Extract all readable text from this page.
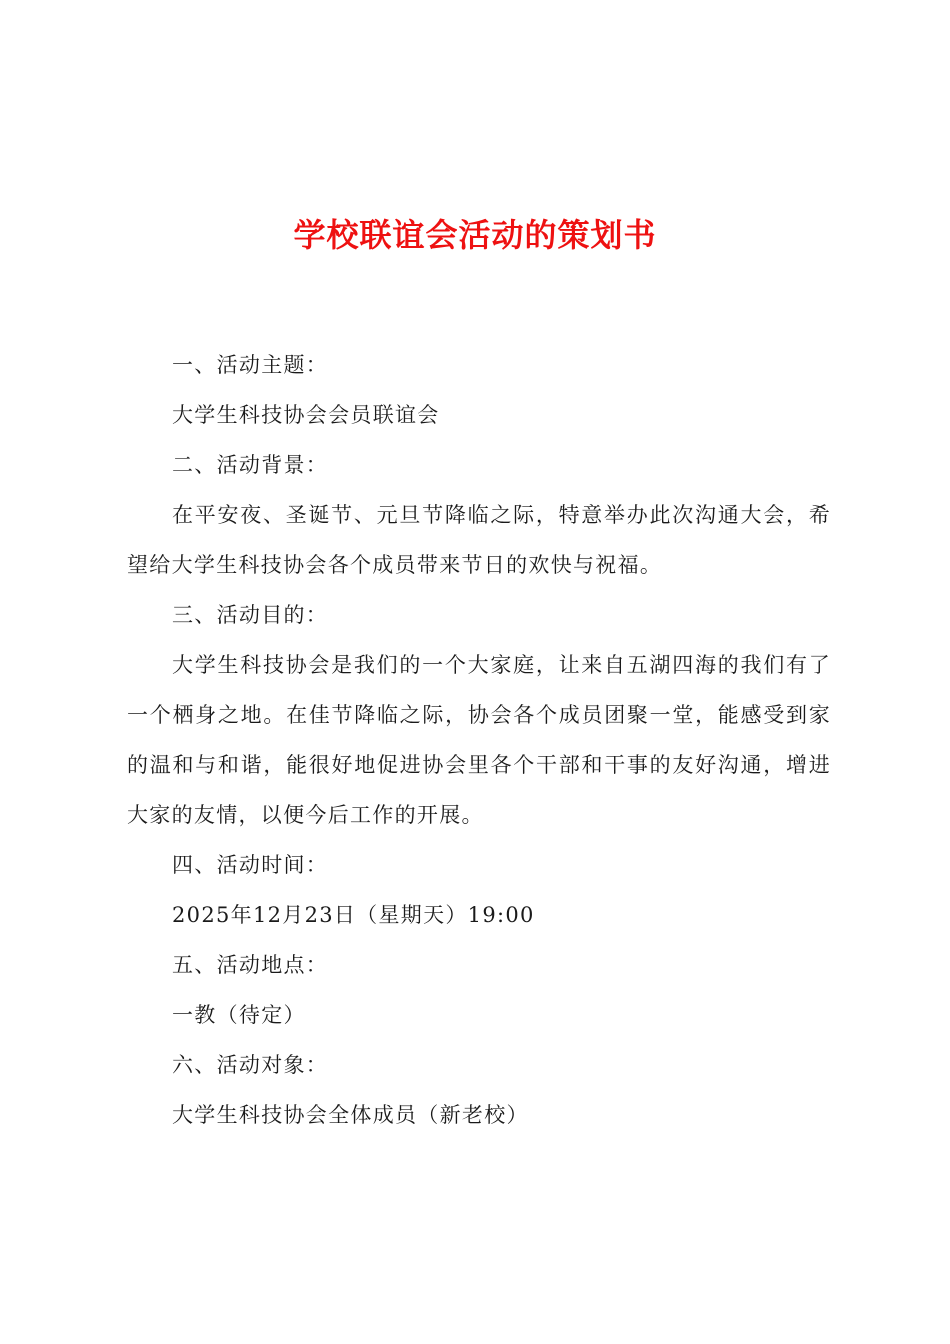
学校联谊会活动的策划书

一、活动主题：

大学生科技协会会员联谊会

二、活动背景：

在平安夜、圣诞节、元旦节降临之际，特意举办此次沟通大会，希望给大学生科技协会各个成员带来节日的欢快与祝福。

三、活动目的：

大学生科技协会是我们的一个大家庭，让来自五湖四海的我们有了一个栖身之地。在佳节降临之际，协会各个成员团聚一堂，能感受到家的温和与和谐，能很好地促进协会里各个干部和干事的友好沟通，增进大家的友情，以便今后工作的开展。

四、活动时间：

2025年12月23日（星期天）19:00

五、活动地点：

一教（待定）

六、活动对象：

大学生科技协会全体成员（新老校）
